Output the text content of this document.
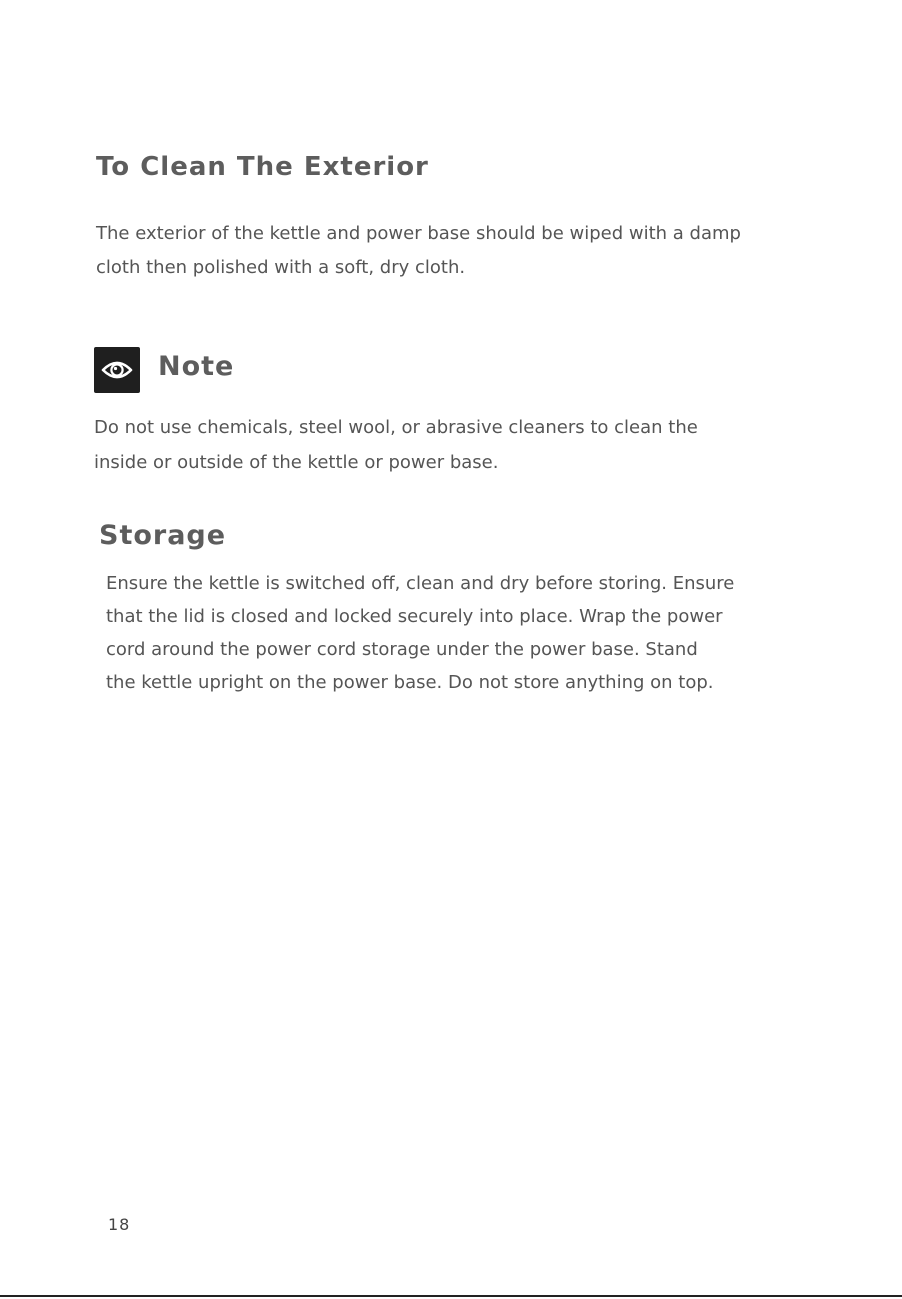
To Clean The Exterior

The exterior of the kettle and power base should be wiped with a damp
cloth then polished with a soft, dry cloth.

Note

Do not use chemicals, steel wool, or abrasive cleaners to clean the
inside or outside of the kettle or power base.

Storage

Ensure the kettle is switched off, clean and dry before storing. Ensure
that the lid is closed and locked securely into place. Wrap the power
cord around the power cord storage under the power base. Stand
the kettle upright on the power base. Do not store anything on top.

18
